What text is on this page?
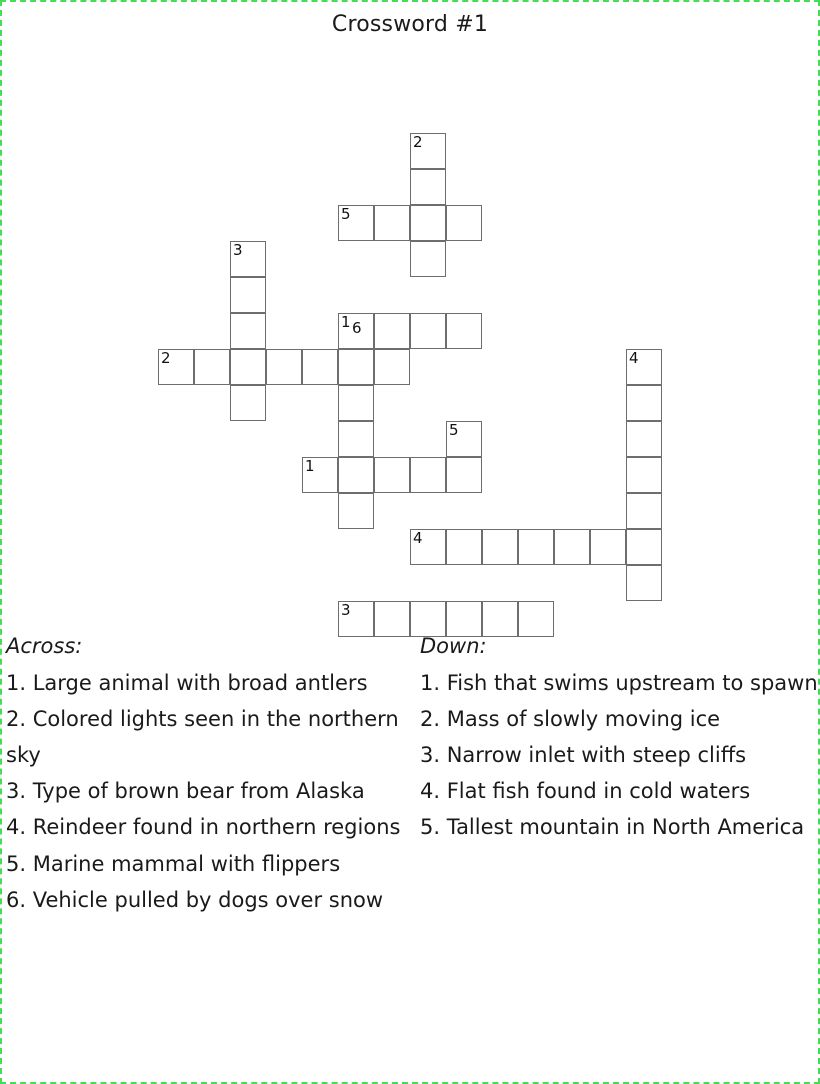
Crossword #1
2
5
3
1 6
2	4
5
1
4
3
Across:

1. Large animal with broad antlers

2. Colored lights seen in the northern sky

3. Type of brown bear from Alaska

4. Reindeer found in northern regions

5. Marine mammal with flippers

6. Vehicle pulled by dogs over snow

Down:

1. Fish that swims upstream to spawn

2. Mass of slowly moving ice

3. Narrow inlet with steep cliffs

4. Flat fish found in cold waters

5. Tallest mountain in North America
